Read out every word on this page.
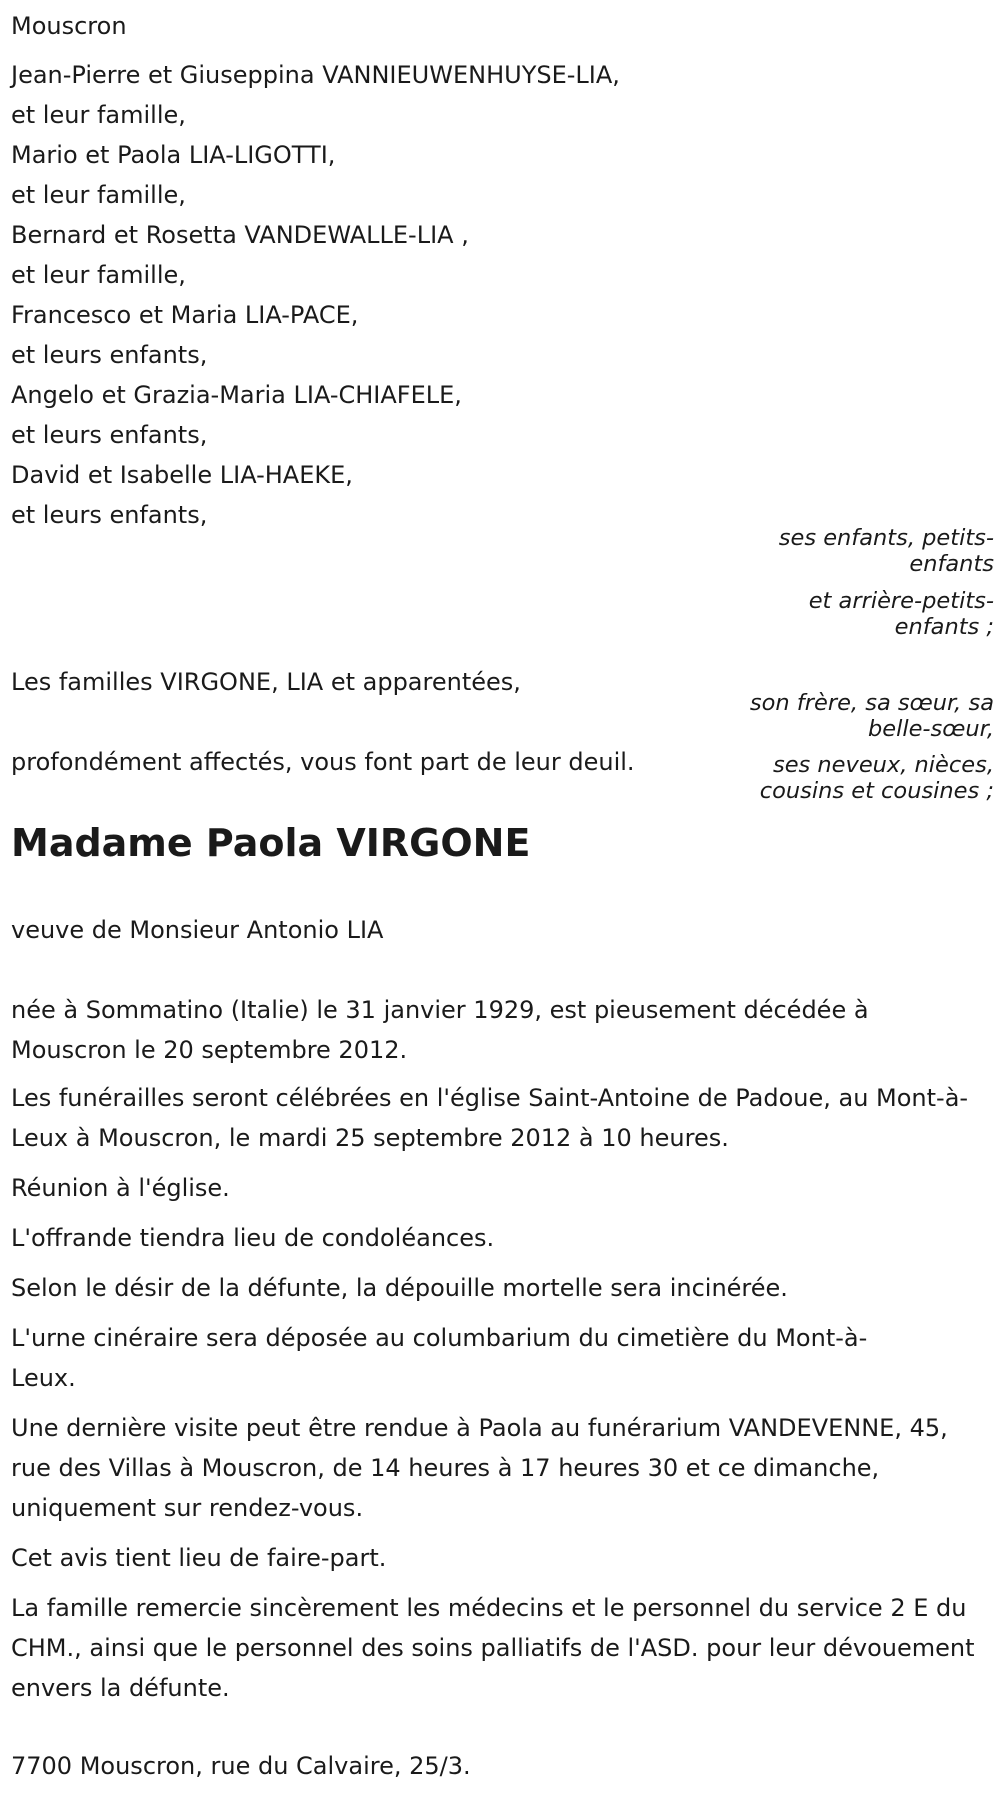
Mouscron
Jean-Pierre et Giuseppina VANNIEUWENHUYSE-LIA,
et leur famille,
Mario et Paola LIA-LIGOTTI,
et leur famille,
Bernard et Rosetta VANDEWALLE-LIA ,
et leur famille,
Francesco et Maria LIA-PACE,
et leurs enfants,
Angelo et Grazia-Maria LIA-CHIAFELE,
et leurs enfants,
David et Isabelle LIA-HAEKE,
et leurs enfants,
ses enfants, petits-enfants
et arrière-petits-enfants ;
son frère, sa sœur, sa belle-sœur,
ses neveux, nièces, cousins et cousines ;
Les familles VIRGONE, LIA et apparentées,
profondément affectés, vous font part de leur deuil.
Madame Paola VIRGONE
veuve de Monsieur Antonio LIA
née à Sommatino (Italie) le 31 janvier 1929, est pieusement décédée à Mouscron le 20 septembre 2012.
Les funérailles seront célébrées en l'église Saint-Antoine de Padoue, au Mont-à-Leux à Mouscron, le mardi 25 septembre 2012 à 10 heures.
Réunion à l'église.
L'offrande tiendra lieu de condoléances.
Selon le désir de la défunte, la dépouille mortelle sera incinérée.
L'urne cinéraire sera déposée au columbarium du cimetière du Mont-à-Leux.
Une dernière visite peut être rendue à Paola au funérarium VANDEVENNE, 45, rue des Villas à Mouscron, de 14 heures à 17 heures 30 et ce dimanche, uniquement sur rendez-vous.
Cet avis tient lieu de faire-part.
La famille remercie sincèrement les médecins et le personnel du service 2 E du CHM., ainsi que le personnel des soins palliatifs de l'ASD. pour leur dévouement envers la défunte.
7700 Mouscron, rue du Calvaire, 25/3.
